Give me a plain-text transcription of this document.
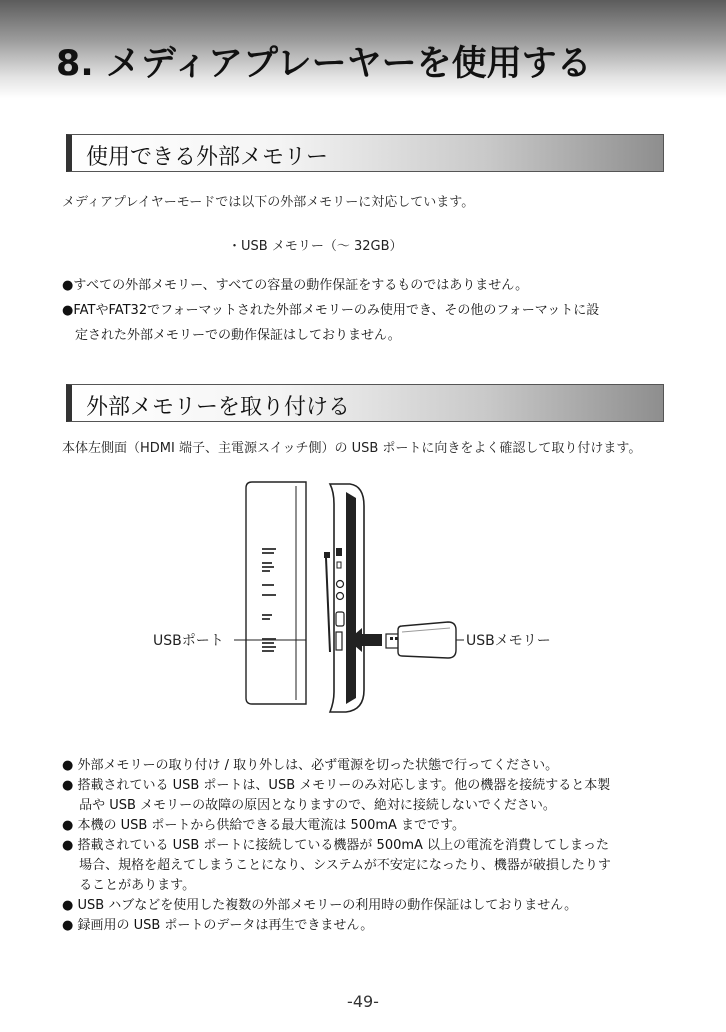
8. メディアプレーヤーを使用する
使用できる外部メモリー
メディアプレイヤーモードでは以下の外部メモリーに対応しています。
・USB メモリー（～ 32GB）
●すべての外部メモリー、すべての容量の動作保証をするものではありません。
●FATやFAT32でフォーマットされた外部メモリーのみ使用でき、その他のフォーマットに設
　定された外部メモリーでの動作保証はしておりません。
外部メモリーを取り付ける
本体左側面（HDMI 端子、主電源スイッチ側）の USB ポートに向きをよく確認して取り付けます。
USBポート	USBメモリー
● 外部メモリーの取り付け / 取り外しは、必ず電源を切った状態で行ってください。
● 搭載されている USB ポートは、USB メモリーのみ対応します。他の機器を接続すると本製
　 品や USB メモリーの故障の原因となりますので、絶対に接続しないでください。
● 本機の USB ポートから供給できる最大電流は 500mA までです。
● 搭載されている USB ポートに接続している機器が 500mA 以上の電流を消費してしまった
　 場合、規格を超えてしまうことになり、システムが不安定になったり、機器が破損したりす
　 ることがあります。
● USB ハブなどを使用した複数の外部メモリーの利用時の動作保証はしておりません。
● 録画用の USB ポートのデータは再生できません。
-49-
